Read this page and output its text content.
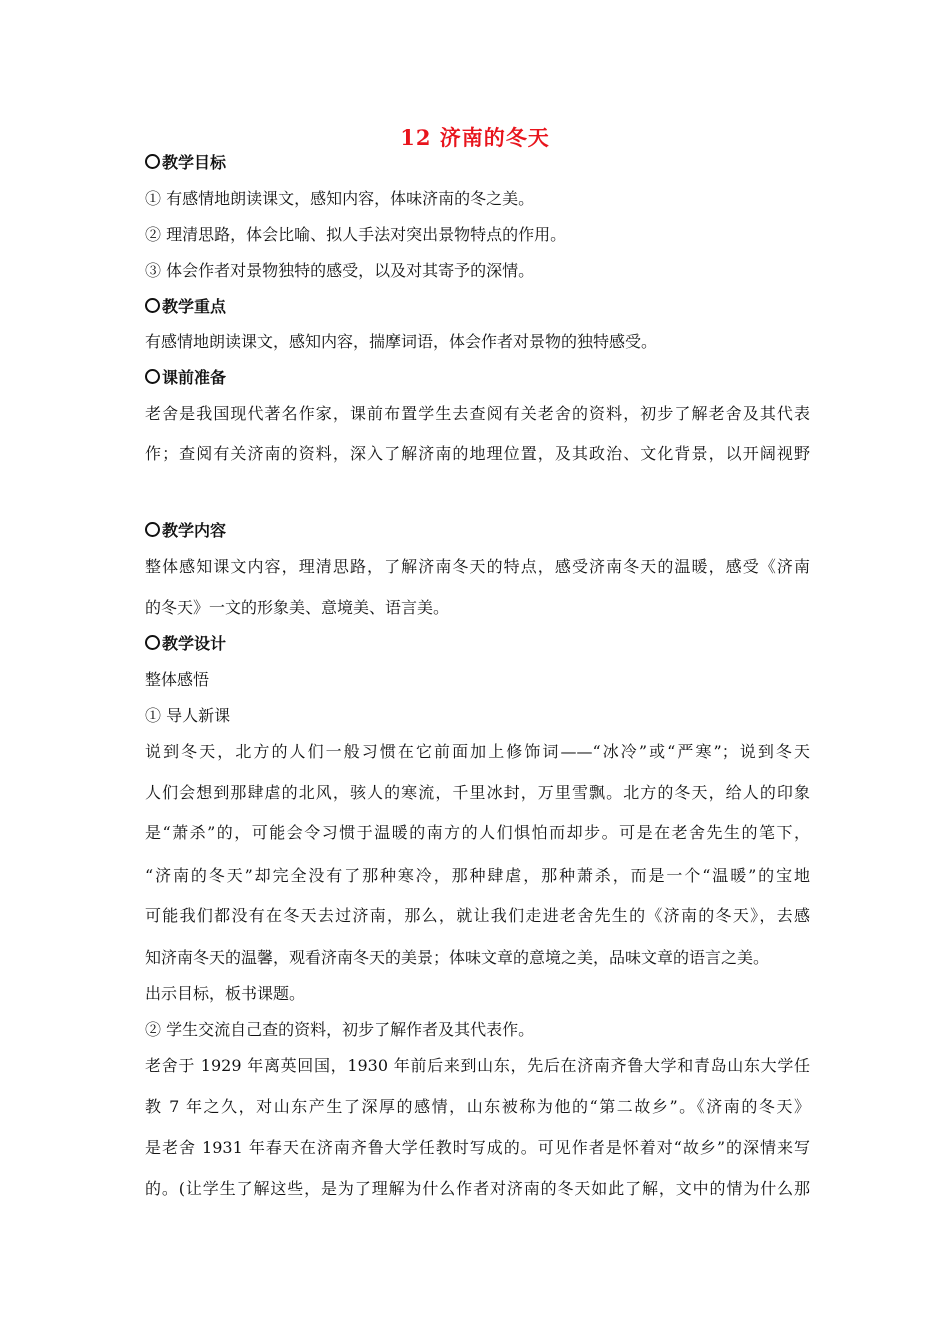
12 济南的冬天
教学目标
① 有感情地朗读课文，感知内容，体味济南的冬之美。
② 理清思路，体会比喻、拟人手法对突出景物特点的作用。
③ 体会作者对景物独特的感受，以及对其寄予的深情。
教学重点
有感情地朗读课文，感知内容，揣摩词语，体会作者对景物的独特感受。
课前准备
老舍是我国现代著名作家，课前布置学生去查阅有关老舍的资料，初步了解老舍及其代表
作；查阅有关济南的资料，深入了解济南的地理位置，及其政治、文化背景，以开阔视野
教学内容
整体感知课文内容，理清思路，了解济南冬天的特点，感受济南冬天的温暖，感受《济南
的冬天》一文的形象美、意境美、语言美。
教学设计
整体感悟
① 导人新课
说到冬天，北方的人们一般习惯在它前面加上修饰词——“冰冷”或“严寒”；说到冬天
人们会想到那肆虐的北风，骇人的寒流，千里冰封，万里雪飘。北方的冬天，给人的印象
是“萧杀”的，可能会令习惯于温暖的南方的人们惧怕而却步。可是在老舍先生的笔下，
“济南的冬天”却完全没有了那种寒冷，那种肆虐，那种萧杀，而是一个“温暖”的宝地
可能我们都没有在冬天去过济南，那么，就让我们走进老舍先生的《济南的冬天》，去感
知济南冬天的温馨，观看济南冬天的美景；体味文章的意境之美，品味文章的语言之美。
出示目标，板书课题。
② 学生交流自己查的资料，初步了解作者及其代表作。
老舍于 1929 年离英回国，1930 年前后来到山东，先后在济南齐鲁大学和青岛山东大学任
教 7 年之久，对山东产生了深厚的感情，山东被称为他的“第二故乡”。《济南的冬天》
是老舍 1931 年春天在济南齐鲁大学任教时写成的。可见作者是怀着对“故乡”的深情来写
的。(让学生了解这些，是为了理解为什么作者对济南的冬天如此了解，文中的情为什么那
